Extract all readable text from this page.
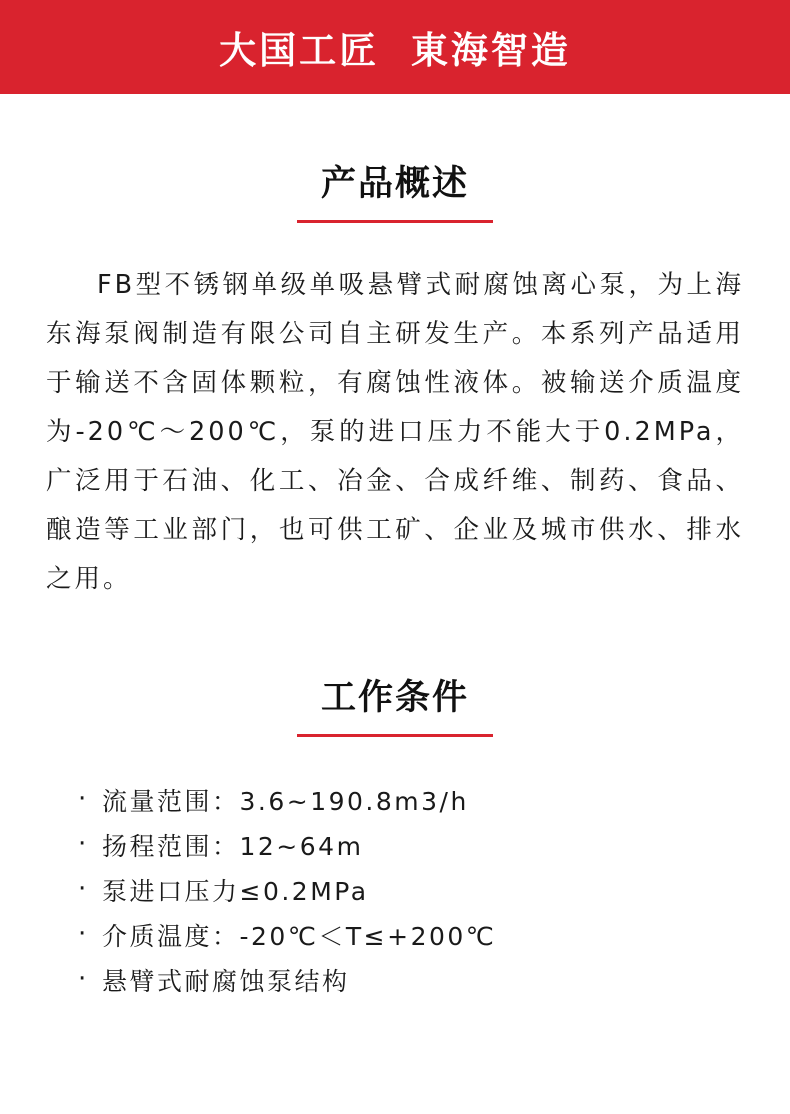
大国工匠  東海智造
产品概述

FB型不锈钢单级单吸悬臂式耐腐蚀离心泵，为上海东海泵阀制造有限公司自主研发生产。本系列产品适用于输送不含固体颗粒，有腐蚀性液体。被输送介质温度为-20℃～200℃，泵的进口压力不能大于0.2MPa，广泛用于石油、化工、冶金、合成纤维、制药、食品、酿造等工业部门，也可供工矿、企业及城市供水、排水之用。

工作条件
· 流量范围：3.6~190.8m3/h
· 扬程范围：12~64m
· 泵进口压力≤0.2MPa
· 介质温度：-20℃＜T≤+200℃
· 悬臂式耐腐蚀泵结构
